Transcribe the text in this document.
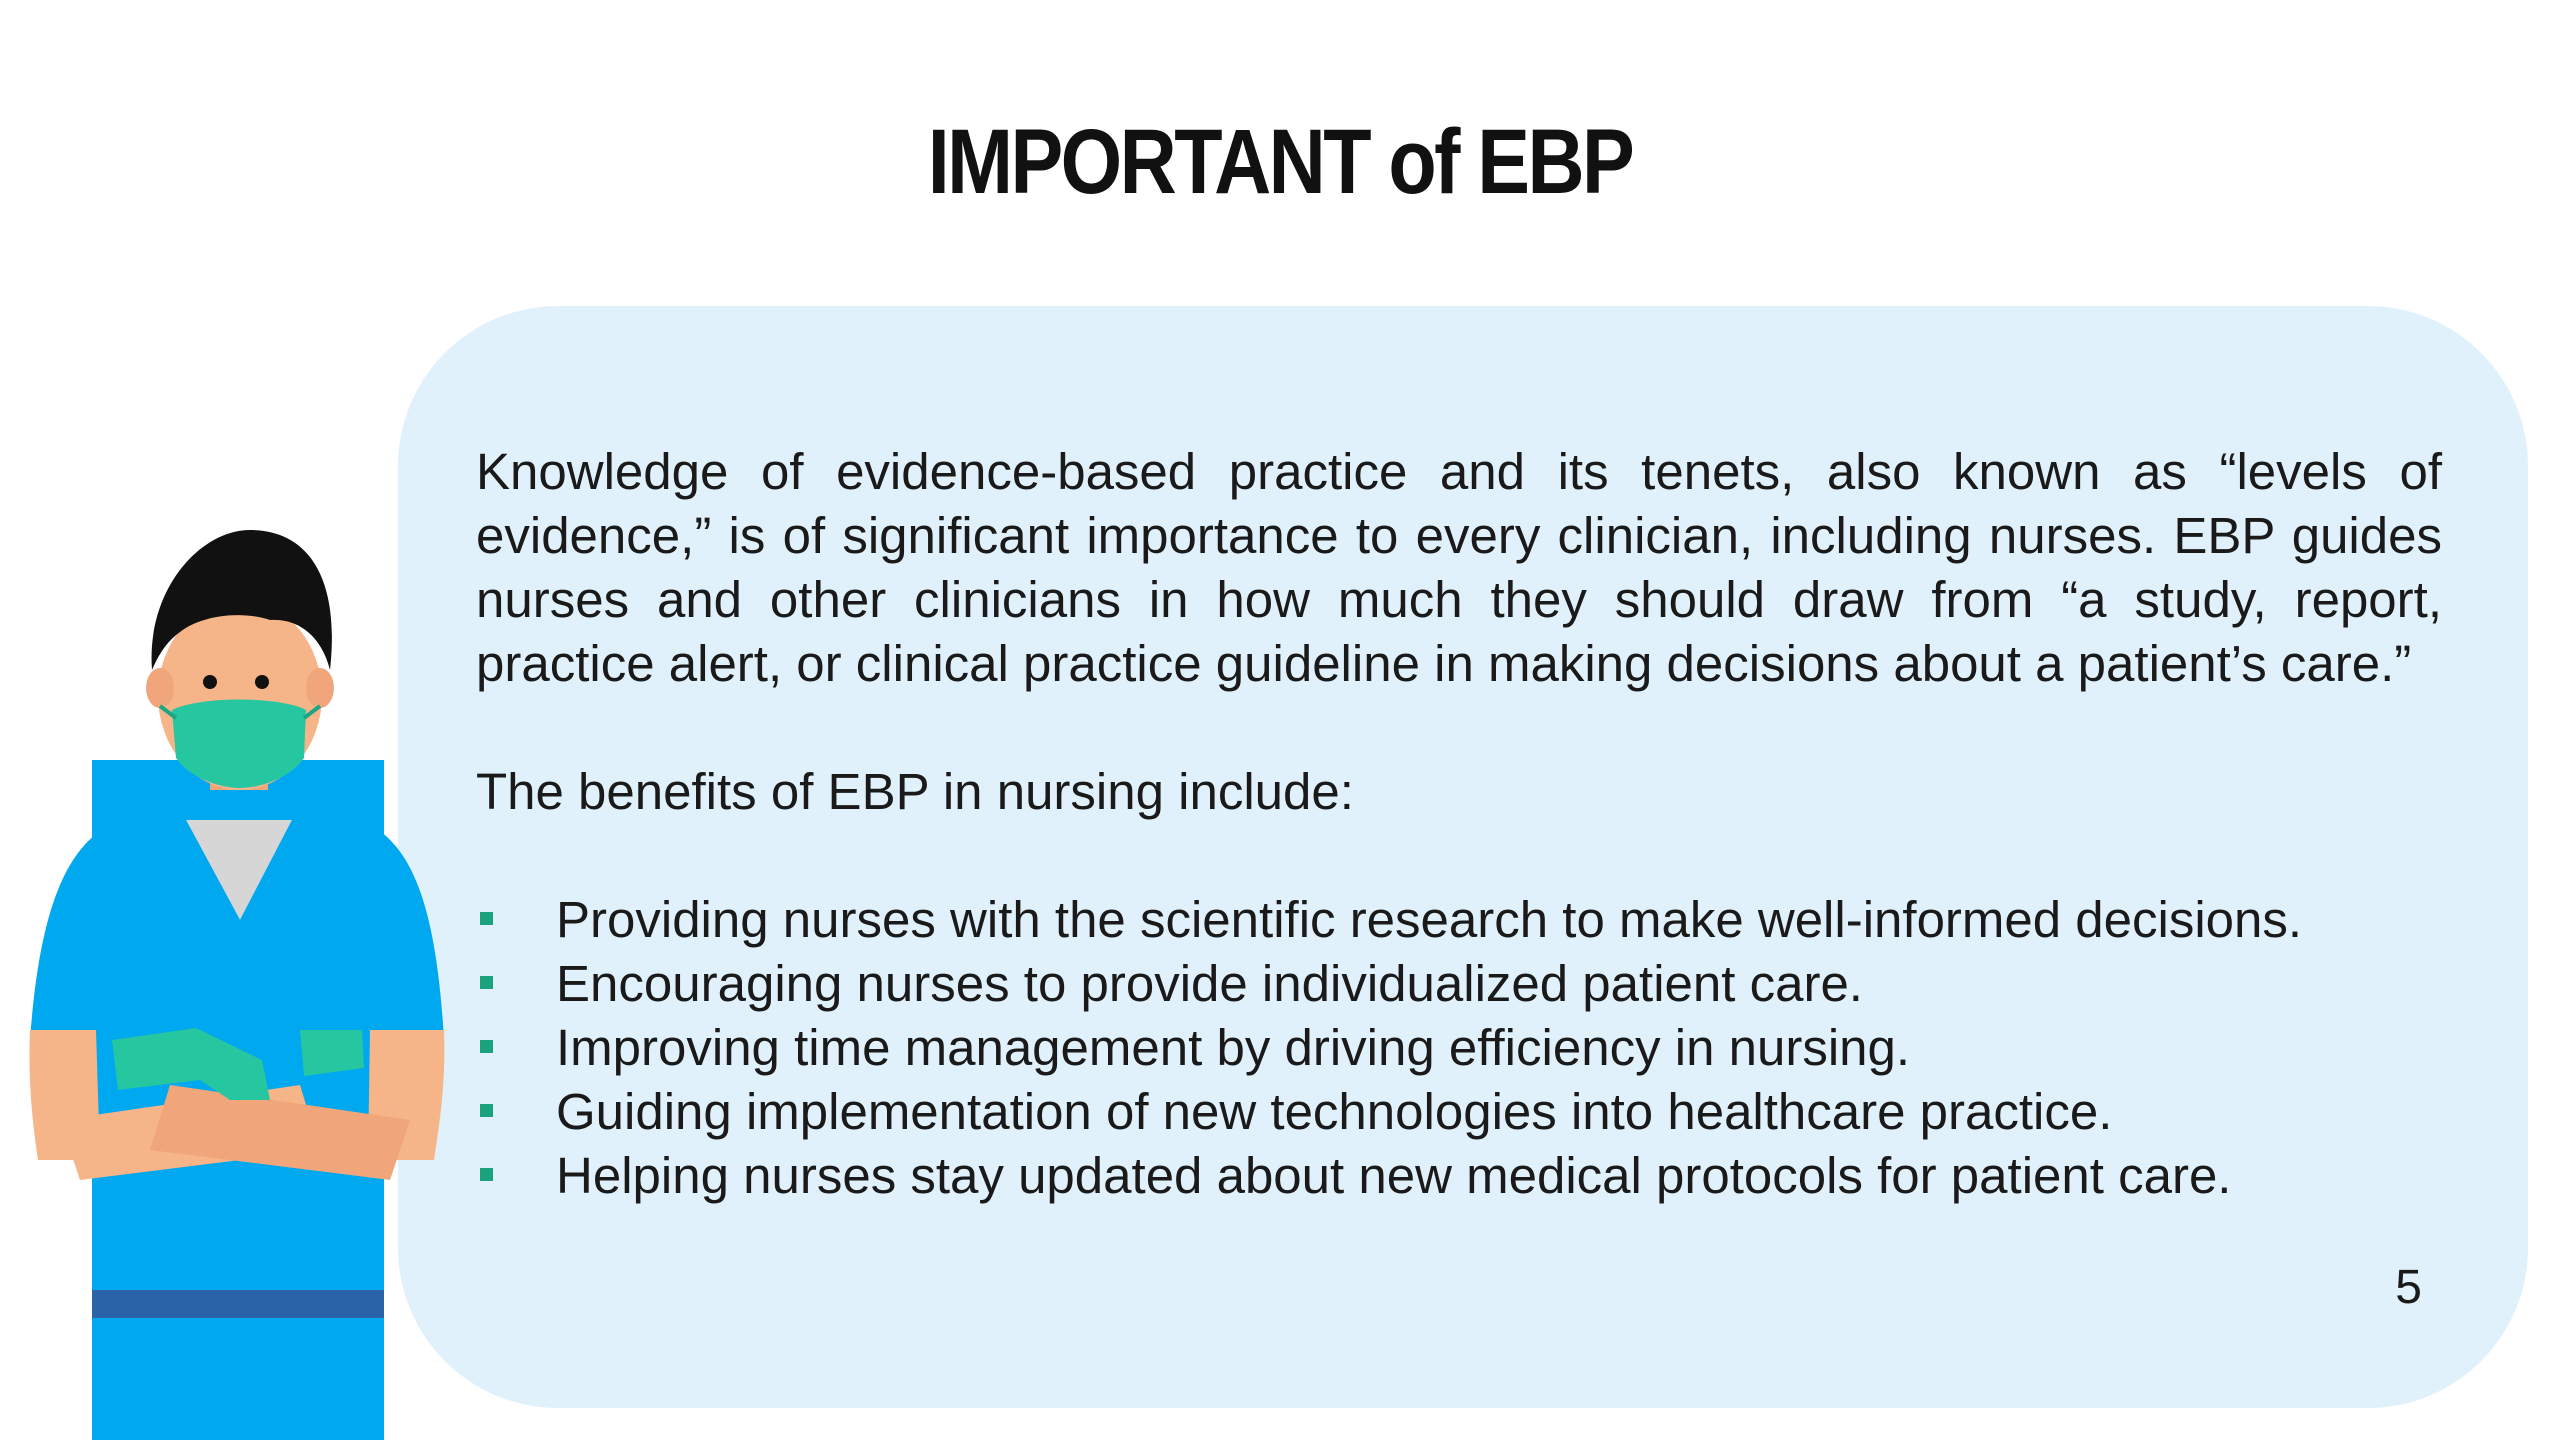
IMPORTANT of EBP

Knowledge of evidence-based practice and its tenets, also known as “levels of evidence,” is of significant importance to every clinician, including nurses. EBP guides nurses and other clinicians in how much they should draw from “a study, report, practice alert, or clinical practice guideline in making decisions about a patient’s care.”

The benefits of EBP in nursing include:

Providing nurses with the scientific research to make well-informed decisions.
Encouraging nurses to provide individualized patient care.
Improving time management by driving efficiency in nursing.
Guiding implementation of new technologies into healthcare practice.
Helping nurses stay updated about new medical protocols for patient care.
5
